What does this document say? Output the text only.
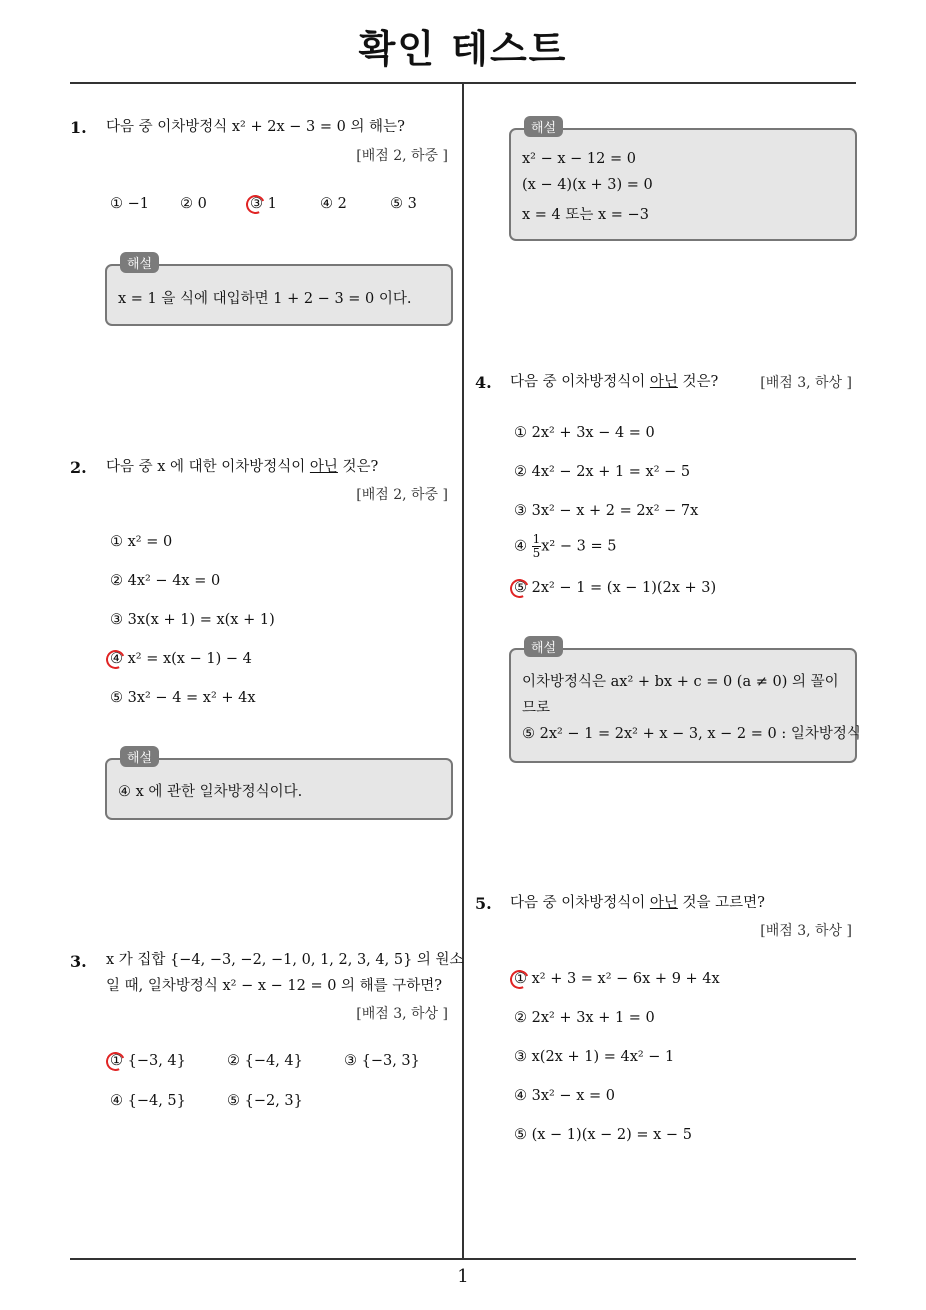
확인 테스트
1. 다음 중 이차방정식 x² + 2x − 3 = 0 의 해는?
[배점 2, 하중 ]
① −1 ② 0	③ 1	④ 2	⑤ 3
해설
x = 1 을 식에 대입하면 1 + 2 − 3 = 0 이다.
2. 다음 중 x 에 대한 이차방정식이 아닌 것은?
[배점 2, 하중 ]
① x² = 0
② 4x² − 4x = 0
③ 3x(x + 1) = x(x + 1)
④ x² = x(x − 1) − 4
⑤ 3x² − 4 = x² + 4x
해설
④ x 에 관한 일차방정식이다.
3. x 가 집합 {−4, −3, −2, −1, 0, 1, 2, 3, 4, 5} 의 원소
일 때, 일차방정식 x² − x − 12 = 0 의 해를 구하면?
[배점 3, 하상 ]
① {−3, 4}	② {−4, 4}	③ {−3, 3}
④ {−4, 5}	⑤ {−2, 3}
해설
x² − x − 12 = 0
(x − 4)(x + 3) = 0
x = 4 또는 x = −3
4. 다음 중 이차방정식이 아닌 것은?	[배점 3, 하상 ]
① 2x² + 3x − 4 = 0
② 4x² − 2x + 1 = x² − 5
③ 3x² − x + 2 = 2x² − 7x
④ $\frac{1}{5} x^2 - 3 = 5$
⑤ 2x² − 1 = (x − 1)(2x + 3)
해설
이차방정식은 ax² + bx + c = 0 (a ≠ 0) 의 꼴이
므로
⑤ 2x² − 1 = 2x² + x − 3, x − 2 = 0 : 일차방정식
5. 다음 중 이차방정식이 아닌 것을 고르면?
[배점 3, 하상 ]
① x² + 3 = x² − 6x + 9 + 4x
② 2x² + 3x + 1 = 0
③ x(2x + 1) = 4x² − 1
④ 3x² − x = 0
⑤ (x − 1)(x − 2) = x − 5
1
